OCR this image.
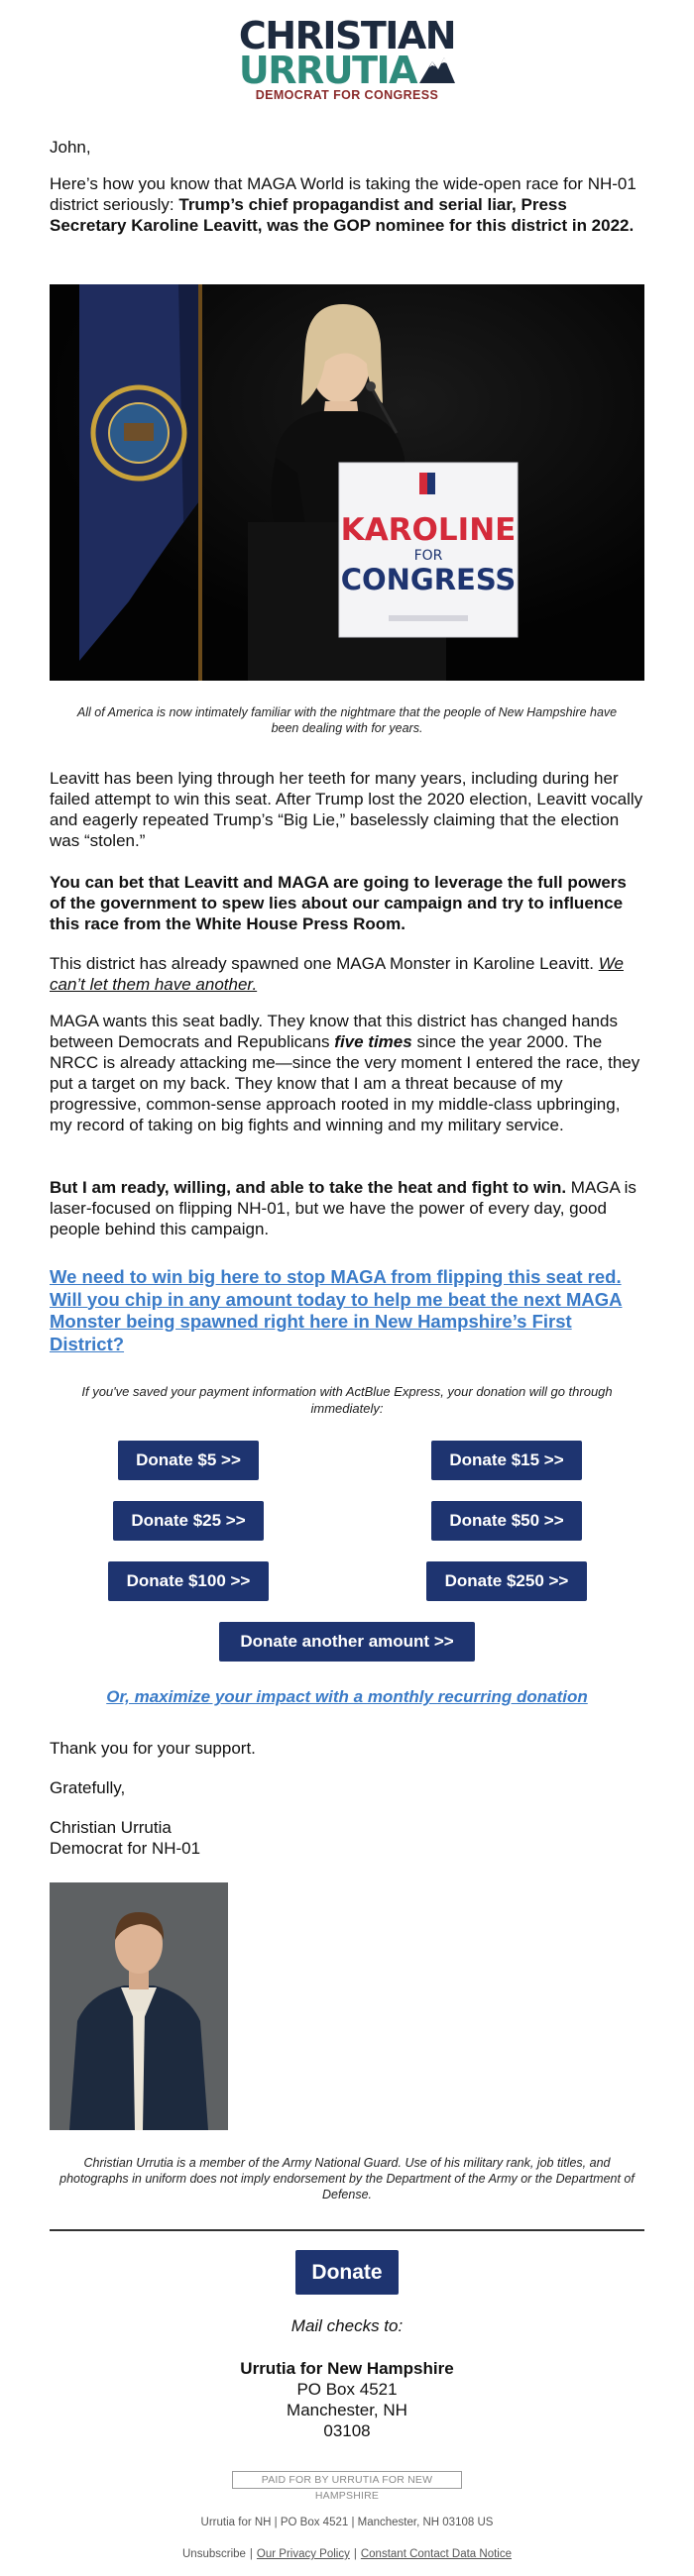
CHRISTIAN
URRUTIA
DEMOCRAT FOR CONGRESS

John,

Here’s how you know that MAGA World is taking the wide-open race for NH-01 district seriously: Trump’s chief propagandist and serial liar, Press Secretary Karoline Leavitt, was the GOP nominee for this district in 2022.

KAROLINE
FOR
CONGRESS
All of America is now intimately familiar with the nightmare that the people of New Hampshire have been dealing with for years.

Leavitt has been lying through her teeth for many years, including during her failed attempt to win this seat. After Trump lost the 2020 election, Leavitt vocally and eagerly repeated Trump’s “Big Lie,” baselessly claiming that the election was “stolen.”

You can bet that Leavitt and MAGA are going to leverage the full powers of the government to spew lies about our campaign and try to influence this race from the White House Press Room.

This district has already spawned one MAGA Monster in Karoline Leavitt. We can’t let them have another.

MAGA wants this seat badly. They know that this district has changed hands between Democrats and Republicans five times since the year 2000. The NRCC is already attacking me—since the very moment I entered the race, they put a target on my back. They know that I am a threat because of my progressive, common-sense approach rooted in my middle-class upbringing, my record of taking on big fights and winning and my military service.

But I am ready, willing, and able to take the heat and fight to win. MAGA is laser-focused on flipping NH-01, but we have the power of every day, good people behind this campaign.

We need to win big here to stop MAGA from flipping this seat red. Will you chip in any amount today to help me beat the next MAGA Monster being spawned right here in New Hampshire’s First District?

If you've saved your payment information with ActBlue Express, your donation will go through immediately:
Donate $5 >>	Donate $15 >>
Donate $25 >>	Donate $50 >>
Donate $100 >>	Donate $250 >>
Donate another amount >>
Or, maximize your impact with a monthly recurring donation

Thank you for your support.

Gratefully,

Christian Urrutia

Democrat for NH-01

Christian Urrutia is a member of the Army National Guard. Use of his military rank, job titles, and photographs in uniform does not imply endorsement by the Department of the Army or the Department of Defense.
Donate
Mail checks to:
Urrutia for New Hampshire
PO Box 4521
Manchester, NH
03108
PAID FOR BY URRUTIA FOR NEW HAMPSHIRE
Urrutia for NH | PO Box 4521 | Manchester, NH 03108 US
Unsubscribe | Our Privacy Policy | Constant Contact Data Notice
